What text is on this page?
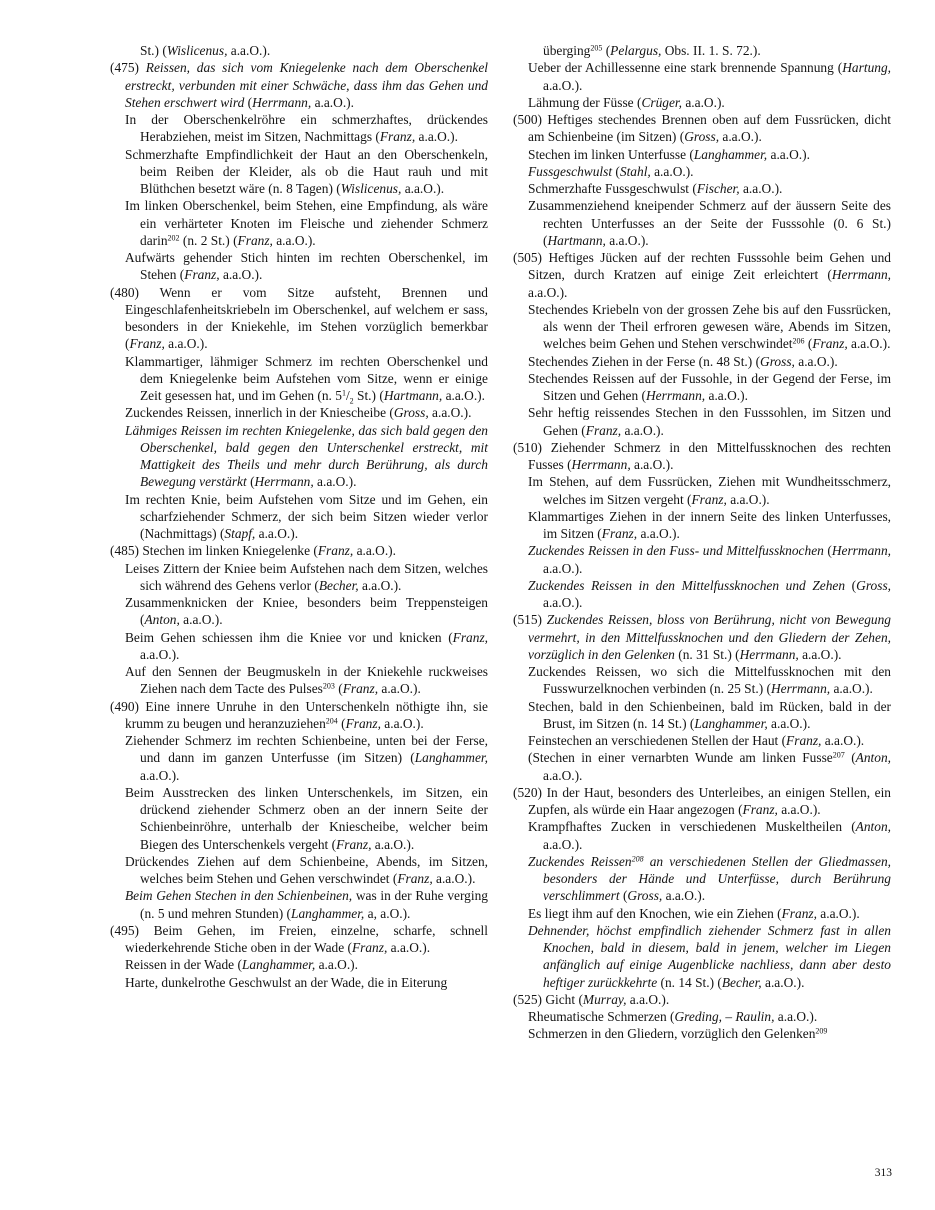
St.) (Wislicenus, a.a.O.).

(475) Reissen, das sich vom Kniegelenke nach dem Oberschenkel erstreckt, verbunden mit einer Schwäche, dass ihm das Gehen und Stehen erschwert wird (Herrmann, a.a.O.).

In der Oberschenkelröhre ein schmerzhaftes, drückendes Herabziehen, meist im Sitzen, Nachmittags (Franz, a.a.O.).

Schmerzhafte Empfindlichkeit der Haut an den Oberschenkeln, beim Reiben der Kleider, als ob die Haut rauh und mit Blüthchen besetzt wäre (n. 8 Tagen) (Wislicenus, a.a.O.).

Im linken Oberschenkel, beim Stehen, eine Empfindung, als wäre ein verhärteter Knoten im Fleische und ziehender Schmerz darin$^{202}$ (n. 2 St.) (Franz, a.a.O.).

Aufwärts gehender Stich hinten im rechten Oberschenkel, im Stehen (Franz, a.a.O.).

(480) Wenn er vom Sitze aufsteht, Brennen und Eingeschlafenheitskriebeln im Oberschenkel, auf welchem er sass, besonders in der Kniekehle, im Stehen vorzüglich bemerkbar (Franz, a.a.O.).

Klammartiger, lähmiger Schmerz im rechten Oberschenkel und dem Kniegelenke beim Aufstehen vom Sitze, wenn er einige Zeit gesessen hat, und im Gehen (n. $5^1/_2$ St.) (Hartmann, a.a.O.).

Zuckendes Reissen, innerlich in der Kniescheibe (Gross, a.a.O.).

Lähmiges Reissen im rechten Kniegelenke, das sich bald gegen den Oberschenkel, bald gegen den Unterschenkel erstreckt, mit Mattigkeit des Theils und mehr durch Berührung, als durch Bewegung verstärkt (Herrmann, a.a.O.).

Im rechten Knie, beim Aufstehen vom Sitze und im Gehen, ein scharfziehender Schmerz, der sich beim Sitzen wieder verlor (Nachmittags) (Stapf, a.a.O.).

(485) Stechen im linken Kniegelenke (Franz, a.a.O.).

Leises Zittern der Kniee beim Aufstehen nach dem Sitzen, welches sich während des Gehens verlor (Becher, a.a.O.).

Zusammenknicken der Kniee, besonders beim Treppensteigen (Anton, a.a.O.).

Beim Gehen schiessen ihm die Kniee vor und knicken (Franz, a.a.O.).

Auf den Sennen der Beugmuskeln in der Kniekehle ruckweises Ziehen nach dem Tacte des Pulses$^{203}$ (Franz, a.a.O.).

(490) Eine innere Unruhe in den Unterschenkeln nöthigte ihn, sie krumm zu beugen und heranzuziehen$^{204}$ (Franz, a.a.O.).

Ziehender Schmerz im rechten Schienbeine, unten bei der Ferse, und dann im ganzen Unterfusse (im Sitzen) (Langhammer, a.a.O.).

Beim Ausstrecken des linken Unterschenkels, im Sitzen, ein drückend ziehender Schmerz oben an der innern Seite der Schienbeinröhre, unterhalb der Kniescheibe, welcher beim Biegen des Unterschenkels vergeht (Franz, a.a.O.).

Drückendes Ziehen auf dem Schienbeine, Abends, im Sitzen, welches beim Stehen und Gehen verschwindet (Franz, a.a.O.).

Beim Gehen Stechen in den Schienbeinen, was in der Ruhe verging (n. 5 und mehren Stunden) (Langhammer, a, a.O.).

(495) Beim Gehen, im Freien, einzelne, scharfe, schnell wiederkehrende Stiche oben in der Wade (Franz, a.a.O.).

Reissen in der Wade (Langhammer, a.a.O.).

Harte, dunkelrothe Geschwulst an der Wade, die in Eiterung

überging$^{205}$ (Pelargus, Obs. II. 1. S. 72.).

Ueber der Achillessenne eine stark brennende Spannung (Hartung, a.a.O.).

Lähmung der Füsse (Crüger, a.a.O.).

(500) Heftiges stechendes Brennen oben auf dem Fussrücken, dicht am Schienbeine (im Sitzen) (Gross, a.a.O.).

Stechen im linken Unterfusse (Langhammer, a.a.O.).

Fussgeschwulst (Stahl, a.a.O.).

Schmerzhafte Fussgeschwulst (Fischer, a.a.O.).

Zusammenziehend kneipender Schmerz auf der äussern Seite des rechten Unterfusses an der Seite der Fusssohle (0. 6 St.) (Hartmann, a.a.O.).

(505) Heftiges Jücken auf der rechten Fusssohle beim Gehen und Sitzen, durch Kratzen auf einige Zeit erleichtert (Herrmann, a.a.O.).

Stechendes Kriebeln von der grossen Zehe bis auf den Fussrücken, als wenn der Theil erfroren gewesen wäre, Abends im Sitzen, welches beim Gehen und Stehen verschwindet$^{206}$ (Franz, a.a.O.).

Stechendes Ziehen in der Ferse (n. 48 St.) (Gross, a.a.O.).

Stechendes Reissen auf der Fussohle, in der Gegend der Ferse, im Sitzen und Gehen (Herrmann, a.a.O.).

Sehr heftig reissendes Stechen in den Fusssohlen, im Sitzen und Gehen (Franz, a.a.O.).

(510) Ziehender Schmerz in den Mittelfussknochen des rechten Fusses (Herrmann, a.a.O.).

Im Stehen, auf dem Fussrücken, Ziehen mit Wundheitsschmerz, welches im Sitzen vergeht (Franz, a.a.O.).

Klammartiges Ziehen in der innern Seite des linken Unterfusses, im Sitzen (Franz, a.a.O.).

Zuckendes Reissen in den Fuss- und Mittelfussknochen (Herrmann, a.a.O.).

Zuckendes Reissen in den Mittelfussknochen und Zehen (Gross, a.a.O.).

(515) Zuckendes Reissen, bloss von Berührung, nicht von Bewegung vermehrt, in den Mittelfussknochen und den Gliedern der Zehen, vorzüglich in den Gelenken (n. 31 St.) (Herrmann, a.a.O.).

Zuckendes Reissen, wo sich die Mittelfussknochen mit den Fusswurzelknochen verbinden (n. 25 St.) (Herrmann, a.a.O.).

Stechen, bald in den Schienbeinen, bald im Rücken, bald in der Brust, im Sitzen (n. 14 St.) (Langhammer, a.a.O.).

Feinstechen an verschiedenen Stellen der Haut (Franz, a.a.O.).

(Stechen in einer vernarbten Wunde am linken Fusse$^{207}$ (Anton, a.a.O.).

(520) In der Haut, besonders des Unterleibes, an einigen Stellen, ein Zupfen, als würde ein Haar angezogen (Franz, a.a.O.).

Krampfhaftes Zucken in verschiedenen Muskeltheilen (Anton, a.a.O.).

Zuckendes Reissen$^{208}$ an verschiedenen Stellen der Gliedmassen, besonders der Hände und Unterfüsse, durch Berührung verschlimmert (Gross, a.a.O.).

Es liegt ihm auf den Knochen, wie ein Ziehen (Franz, a.a.O.).

Dehnender, höchst empfindlich ziehender Schmerz fast in allen Knochen, bald in diesem, bald in jenem, welcher im Liegen anfänglich auf einige Augenblicke nachliess, dann aber desto heftiger zurückkehrte (n. 14 St.) (Becher, a.a.O.).

(525) Gicht (Murray, a.a.O.).

Rheumatische Schmerzen (Greding, – Raulin, a.a.O.).

Schmerzen in den Gliedern, vorzüglich den Gelenken$^{209}$

313
